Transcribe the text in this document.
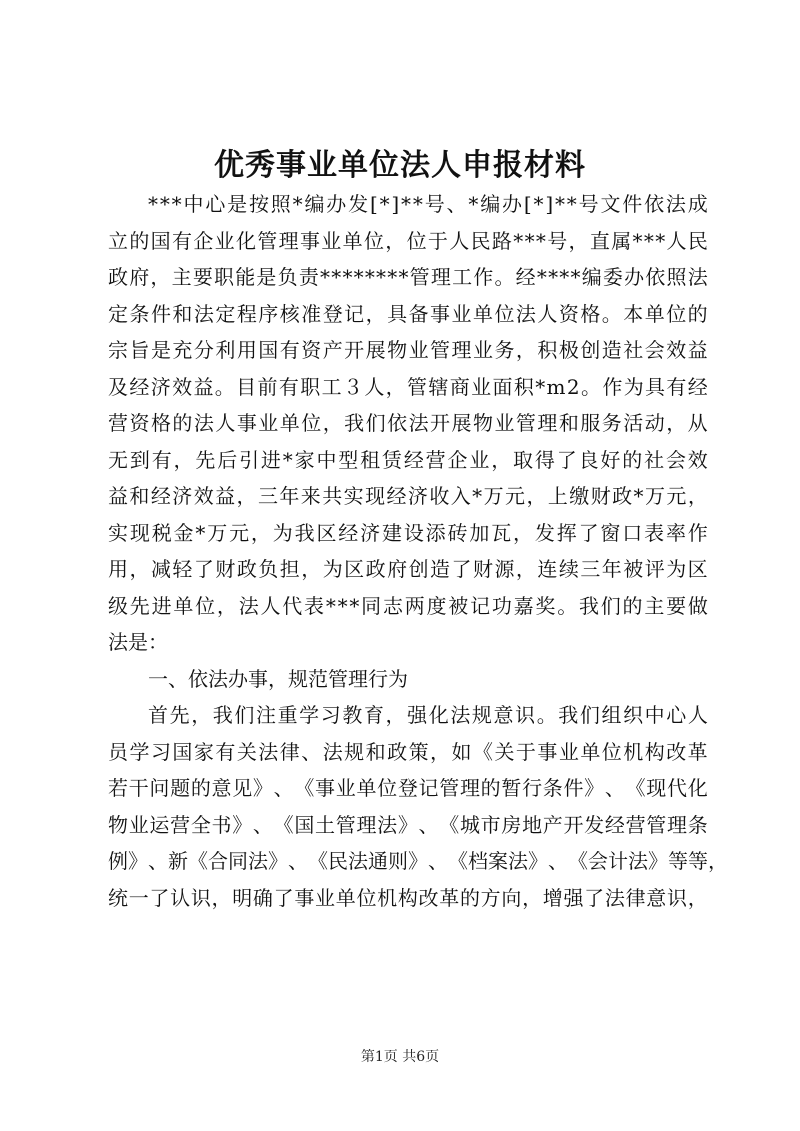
优秀事业单位法人申报材料
* * * 中 心 是 按 照 * 编 办 发 [ * ] * * 号 、 * 编 办 [ * ] * * 号 文 件 依 法 成
立 的 国 有 企 业 化 管 理 事 业 单 位 ， 位 于 人 民 路 * * * 号 ， 直 属 * * * 人 民
政 府 ， 主 要 职 能 是 负 责 * * * * * * * * 管 理 工 作 。 经 * * * * 编 委 办 依 照 法
定 条 件 和 法 定 程 序 核 准 登 记 ， 具 备 事 业 单 位 法 人 资 格 。 本 单 位 的
宗 旨 是 充 分 利 用 国 有 资 产 开 展 物 业 管 理 业 务 ， 积 极 创 造 社 会 效 益
及 经 济 效 益 。 目 前 有 职 工 ３ 人 ， 管 辖 商 业 面 积 * m 2 。 作 为 具 有 经
营 资 格 的 法 人 事 业 单 位 ， 我 们 依 法 开 展 物 业 管 理 和 服 务 活 动 ， 从
无 到 有 ， 先 后 引 进 * 家 中 型 租 赁 经 营 企 业 ， 取 得 了 良 好 的 社 会 效
益 和 经 济 效 益 ， 三 年 来 共 实 现 经 济 收 入 * 万 元 ， 上 缴 财 政 * 万 元 ，
实 现 税 金 * 万 元 ， 为 我 区 经 济 建 设 添 砖 加 瓦 ， 发 挥 了 窗 口 表 率 作
用 ， 减 轻 了 财 政 负 担 ， 为 区 政 府 创 造 了 财 源 ， 连 续 三 年 被 评 为 区
级 先 进 单 位 ， 法 人 代 表 * * * 同 志 两 度 被 记 功 嘉 奖 。 我 们 的 主 要 做
法是：
一、依法办事，规范管理行为
首 先 ， 我 们 注 重 学 习 教 育 ， 强 化 法 规 意 识 。 我 们 组 织 中 心 人
员 学 习 国 家 有 关 法 律 、 法 规 和 政 策 ， 如 《 关 于 事 业 单 位 机 构 改 革
若 干 问 题 的 意 见 》 、 《 事 业 单 位 登 记 管 理 的 暂 行 条 件 》 、 《 现 代 化
物 业 运 营 全 书 》 、 《 国 土 管 理 法 》 、 《 城 市 房 地 产 开 发 经 营 管 理 条
例 》 、 新 《 合 同 法 》 、 《 民 法 通 则 》 、 《 档 案 法 》 、 《 会 计 法 》 等 等 ，
统 一 了 认 识 ， 明 确 了 事 业 单 位 机 构 改 革 的 方 向 ， 增 强 了 法 律 意 识 ，
第1页 共6页
